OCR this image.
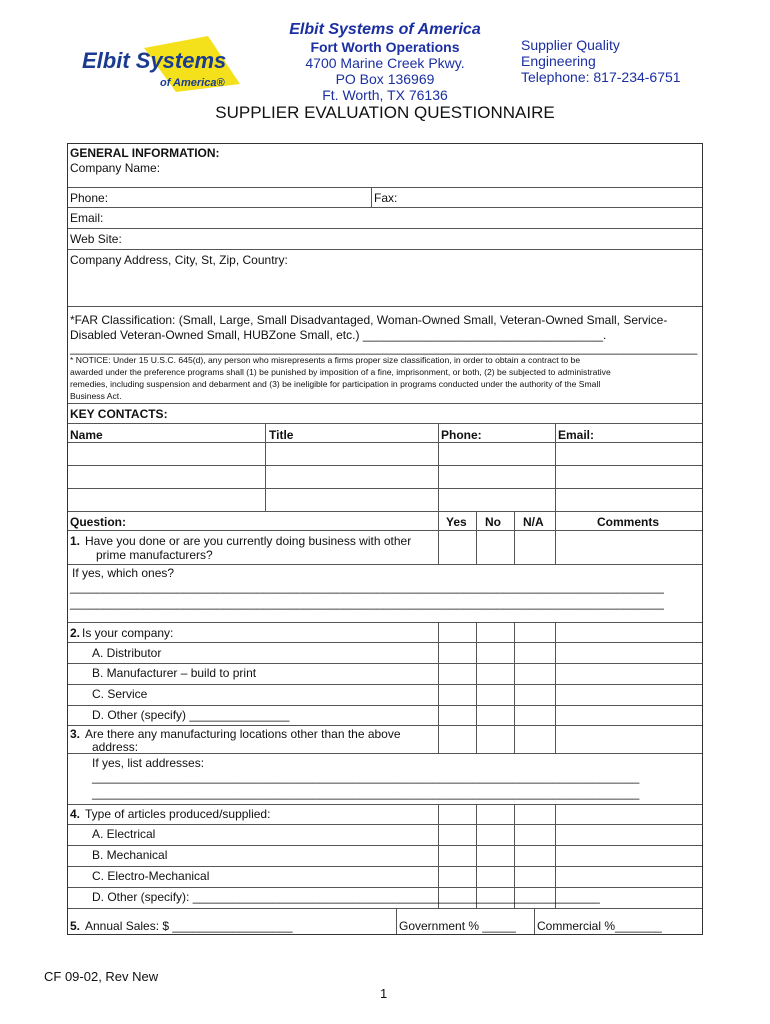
Elbit Systems
of America®
Elbit Systems of America
Fort Worth Operations
4700 Marine Creek Pkwy.
PO Box 136969
Ft. Worth, TX 76136
Supplier Quality
Engineering
Telephone: 817-234-6751
SUPPLIER EVALUATION QUESTIONNAIRE
GENERAL INFORMATION:
Company Name:
Phone:	Fax:
Email:
Web Site:
Company Address, City, St, Zip, Country:
*FAR Classification: (Small, Large, Small Disadvantaged, Woman-Owned Small, Veteran-Owned Small, Service-
Disabled Veteran-Owned Small, HUBZone Small, etc.) ____________________________________.
______________________________________________________________________________________________
* NOTICE: Under 15 U.S.C. 645(d), any person who misrepresents a firms proper size classification, in order to obtain a contract to be
awarded under the preference programs shall (1) be punished by imposition of a fine, imprisonment, or both, (2) be subjected to administrative
remedies, including suspension and debarment and (3) be ineligible for participation in programs conducted under the authority of the Small
Business Act.
KEY CONTACTS:
Name	Title	Phone:	Email:
Question:	Yes No N/A	Comments
1. Have you done or are you currently doing business with other
prime manufacturers?
If yes, which ones?
_________________________________________________________________________________________
_________________________________________________________________________________________
2. Is your company:
A. Distributor
B. Manufacturer – build to print
C. Service
D. Other (specify) _______________
3. Are there any manufacturing locations other than the above
address:
If yes, list addresses:
__________________________________________________________________________________
__________________________________________________________________________________
4. Type of articles produced/supplied:
A. Electrical
B. Mechanical
C. Electro-Mechanical
D. Other (specify): _____________________________________________________________
5. Annual Sales: $ __________________	Government % _____ Commercial %_______
CF 09-02, Rev New
1
